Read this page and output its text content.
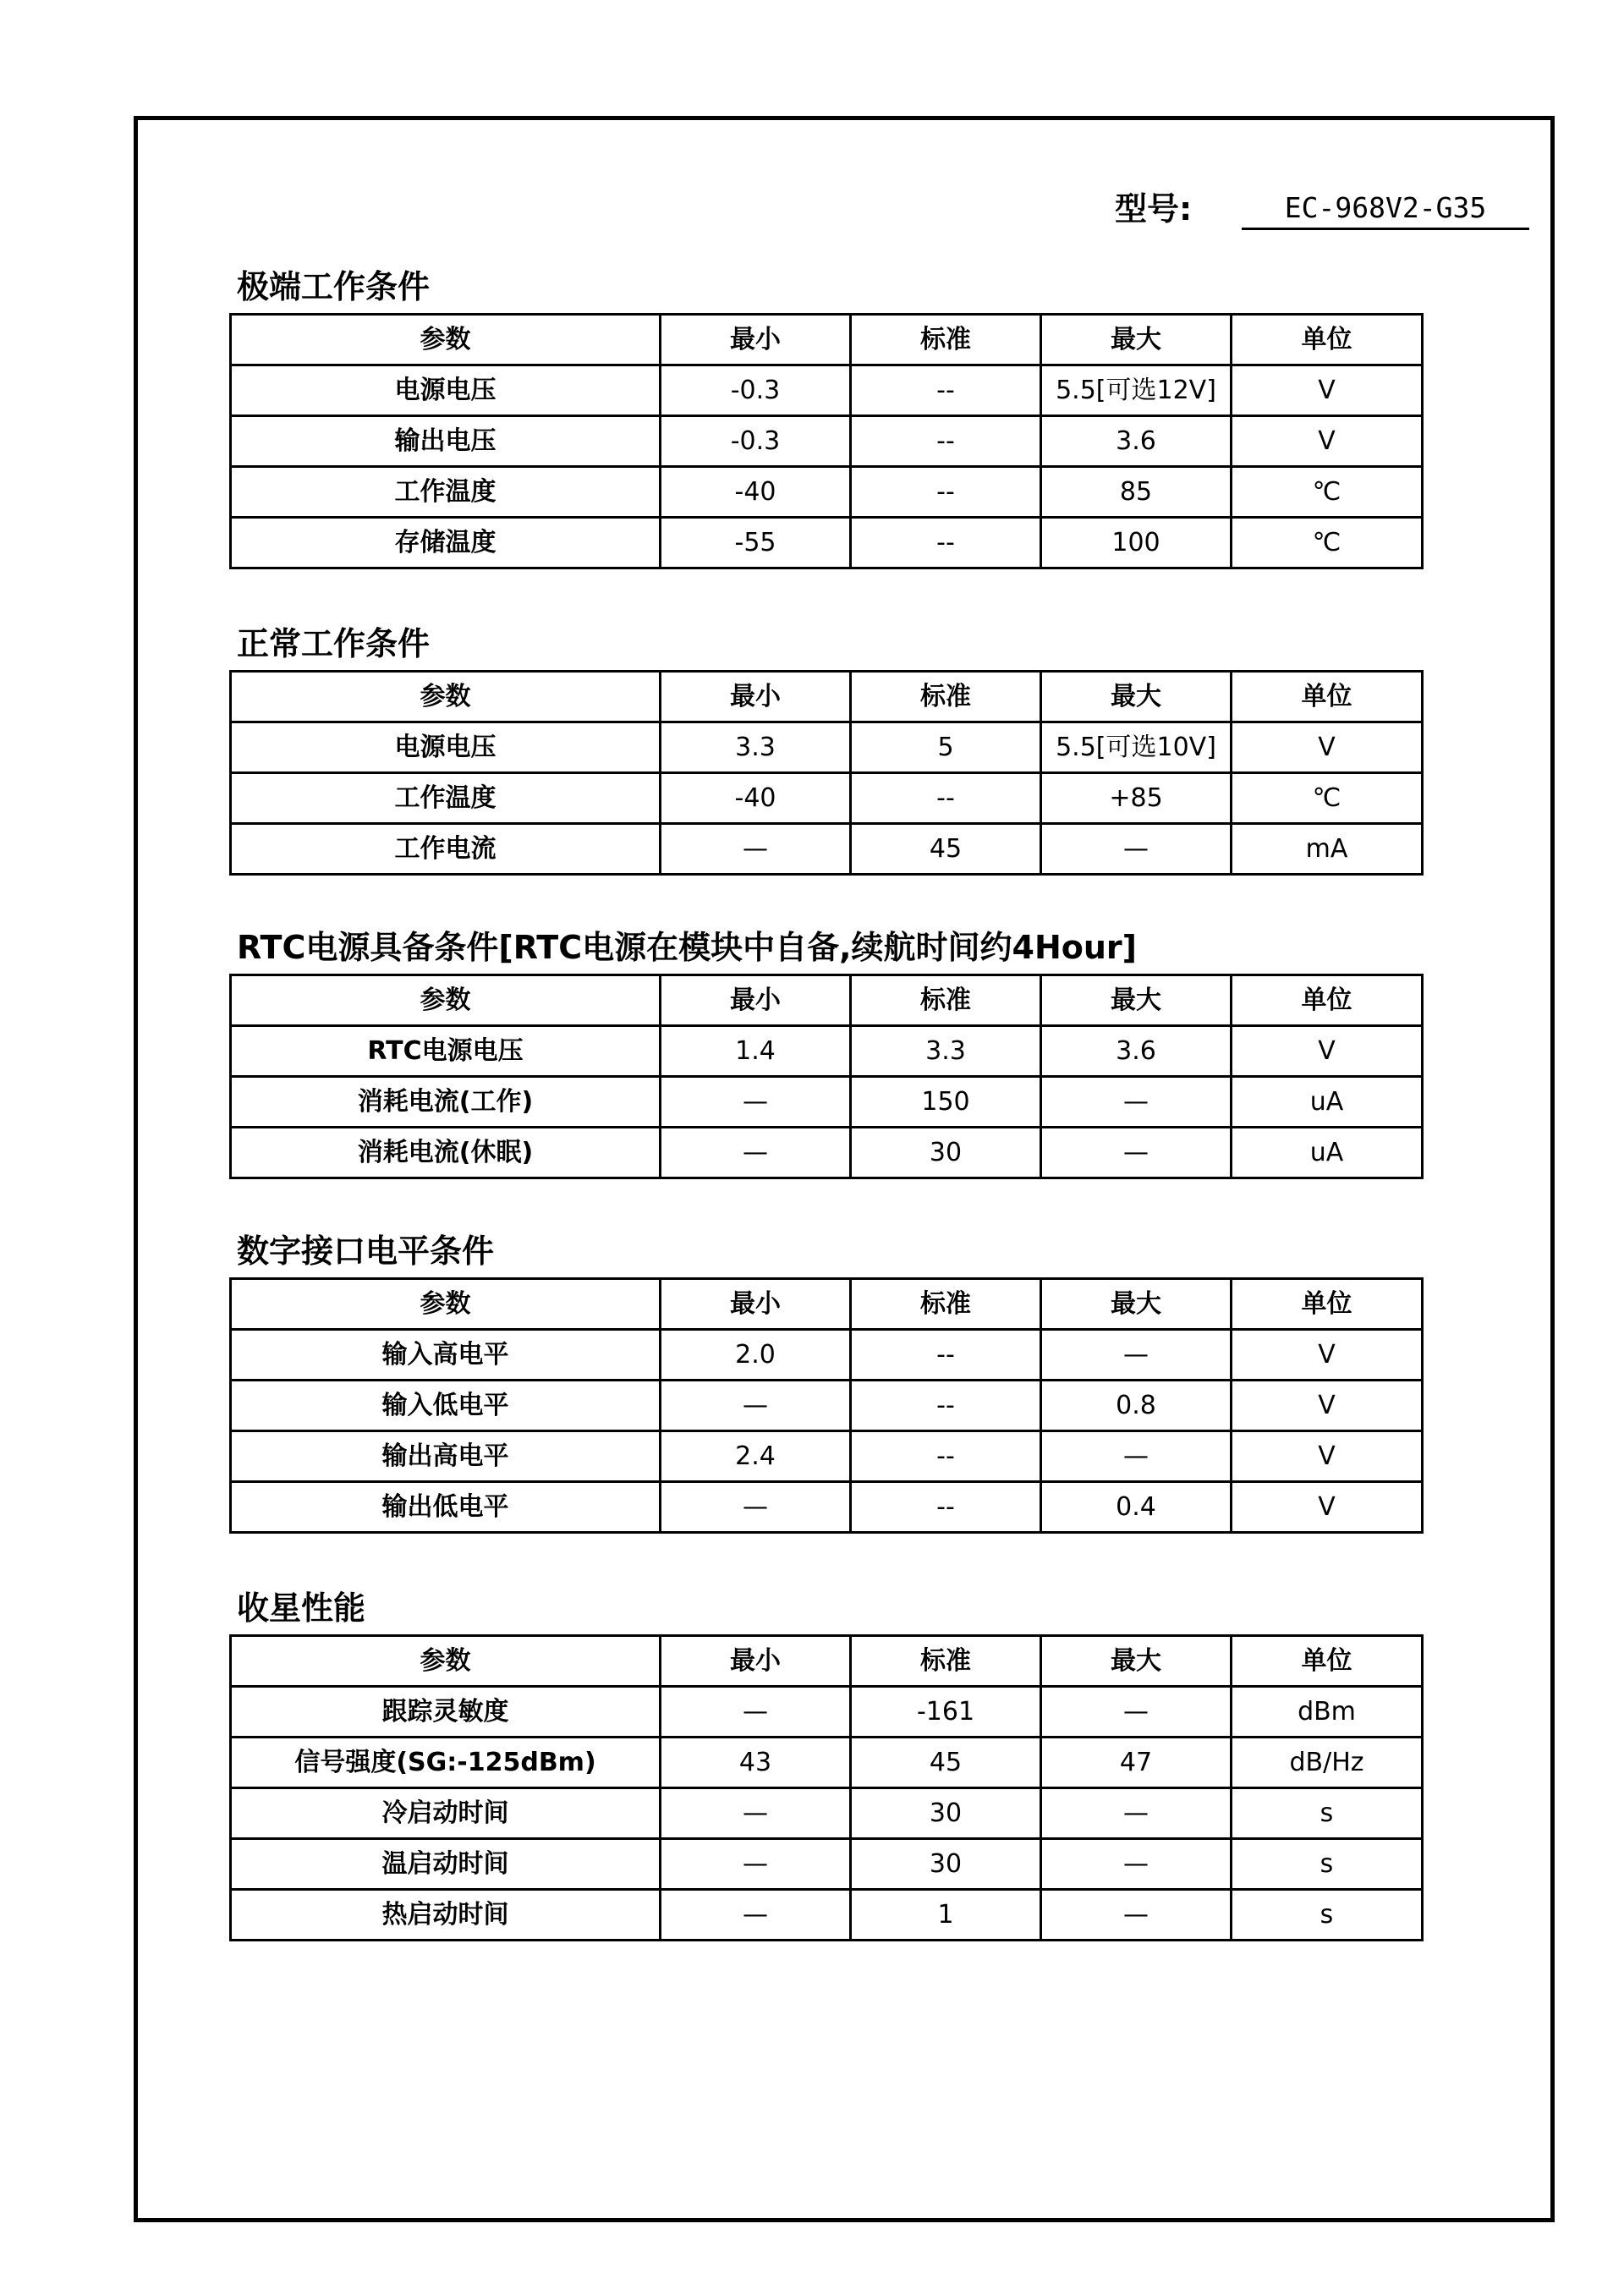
型号:	EC-968V2-G35
极端工作条件
参数	最小	标准	最大	单位
电源电压	-0.3	--	5.5[可选12V]	V
输出电压	-0.3	--	3.6	V
工作温度	-40	--	85	℃
存储温度	-55	--	100	℃
正常工作条件
参数	最小	标准	最大	单位
电源电压	3.3	5	5.5[可选10V]	V
工作温度	-40	--	+85	℃
工作电流	—	45	—	mA
RTC电源具备条件[RTC电源在模块中自备,续航时间约4Hour]
参数	最小	标准	最大	单位
RTC电源电压	1.4	3.3	3.6	V
消耗电流(工作)	—	150	—	uA
消耗电流(休眠)	—	30	—	uA
数字接口电平条件
参数	最小	标准	最大	单位
输入高电平	2.0	--	—	V
输入低电平	—	--	0.8	V
输出高电平	2.4	--	—	V
输出低电平	—	--	0.4	V
收星性能
参数	最小	标准	最大	单位
跟踪灵敏度	—	-161	—	dBm
信号强度(SG:-125dBm)	43	45	47	dB/Hz
冷启动时间	—	30	—	s
温启动时间	—	30	—	s
热启动时间	—	1	—	s
